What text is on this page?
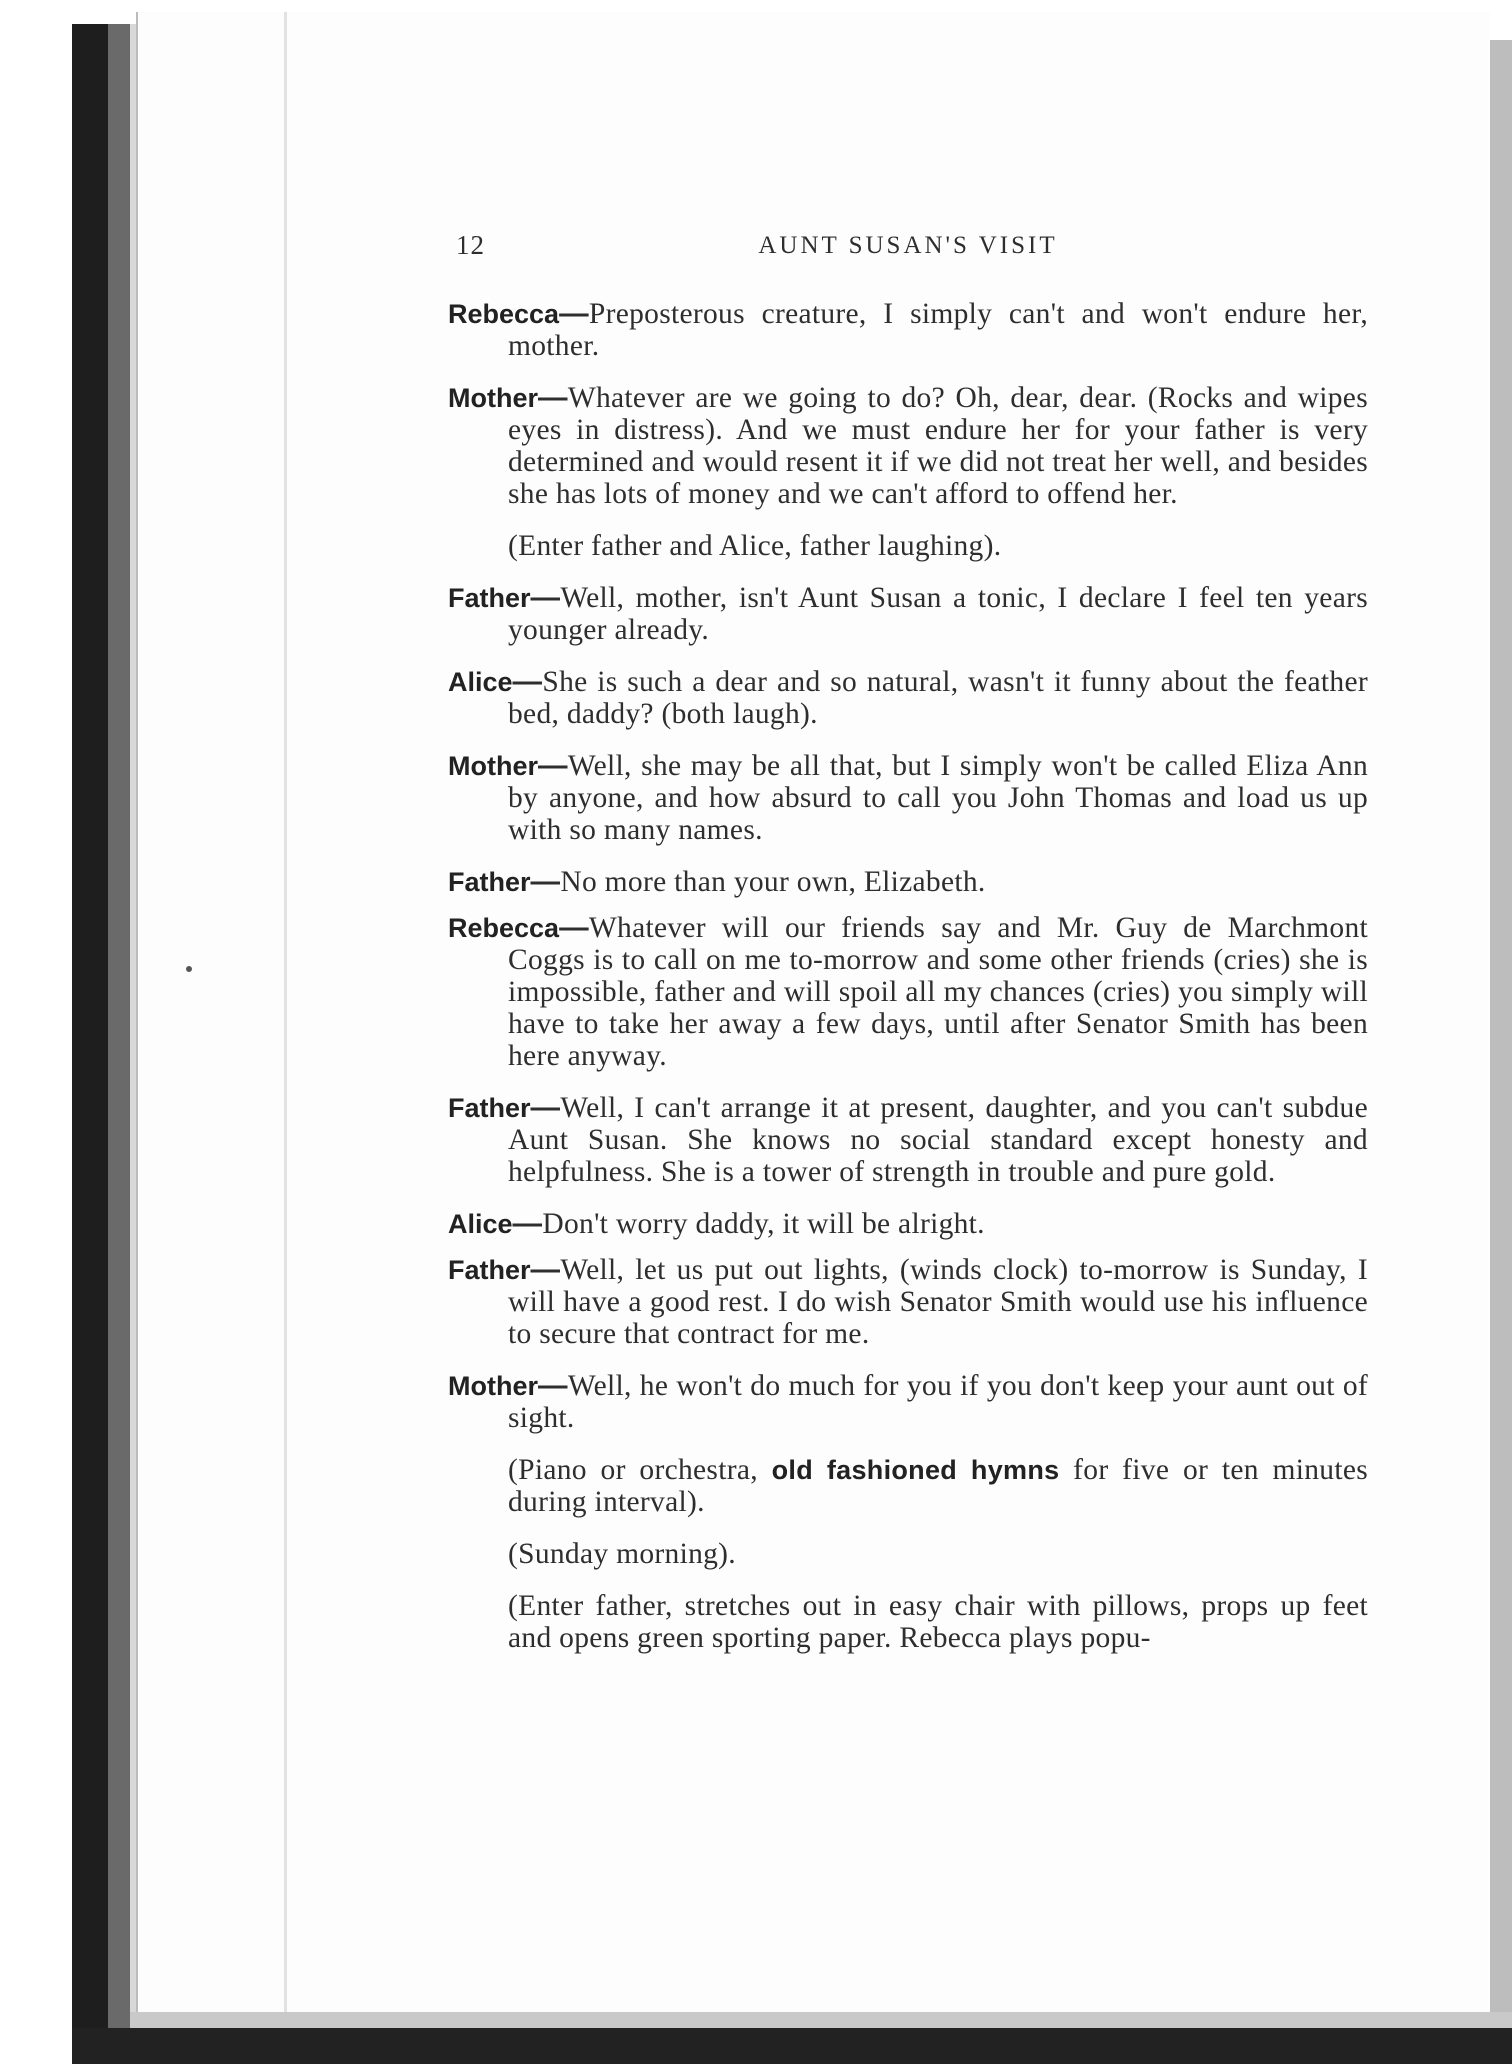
12	AUNT SUSAN'S VISIT

Rebecca—Preposterous creature, I simply can't and won't endure her, mother.

Mother—Whatever are we going to do? Oh, dear, dear. (Rocks and wipes eyes in distress). And we must endure her for your father is very determined and would resent it if we did not treat her well, and besides she has lots of money and we can't afford to offend her.

(Enter father and Alice, father laughing).

Father—Well, mother, isn't Aunt Susan a tonic, I declare I feel ten years younger already.

Alice—She is such a dear and so natural, wasn't it funny about the feather bed, daddy? (both laugh).

Mother—Well, she may be all that, but I simply won't be called Eliza Ann by anyone, and how absurd to call you John Thomas and load us up with so many names.

Father—No more than your own, Elizabeth.

Rebecca—Whatever will our friends say and Mr. Guy de Marchmont Coggs is to call on me to-morrow and some other friends (cries) she is impossible, father and will spoil all my chances (cries) you simply will have to take her away a few days, until after Senator Smith has been here anyway.

Father—Well, I can't arrange it at present, daughter, and you can't subdue Aunt Susan. She knows no social standard except honesty and helpfulness. She is a tower of strength in trouble and pure gold.

Alice—Don't worry daddy, it will be alright.

Father—Well, let us put out lights, (winds clock) to-morrow is Sunday, I will have a good rest. I do wish Senator Smith would use his influence to secure that contract for me.

Mother—Well, he won't do much for you if you don't keep your aunt out of sight.

(Piano or orchestra, old fashioned hymns for five or ten minutes during interval).

(Sunday morning).

(Enter father, stretches out in easy chair with pillows, props up feet and opens green sporting paper. Rebecca plays popu-
